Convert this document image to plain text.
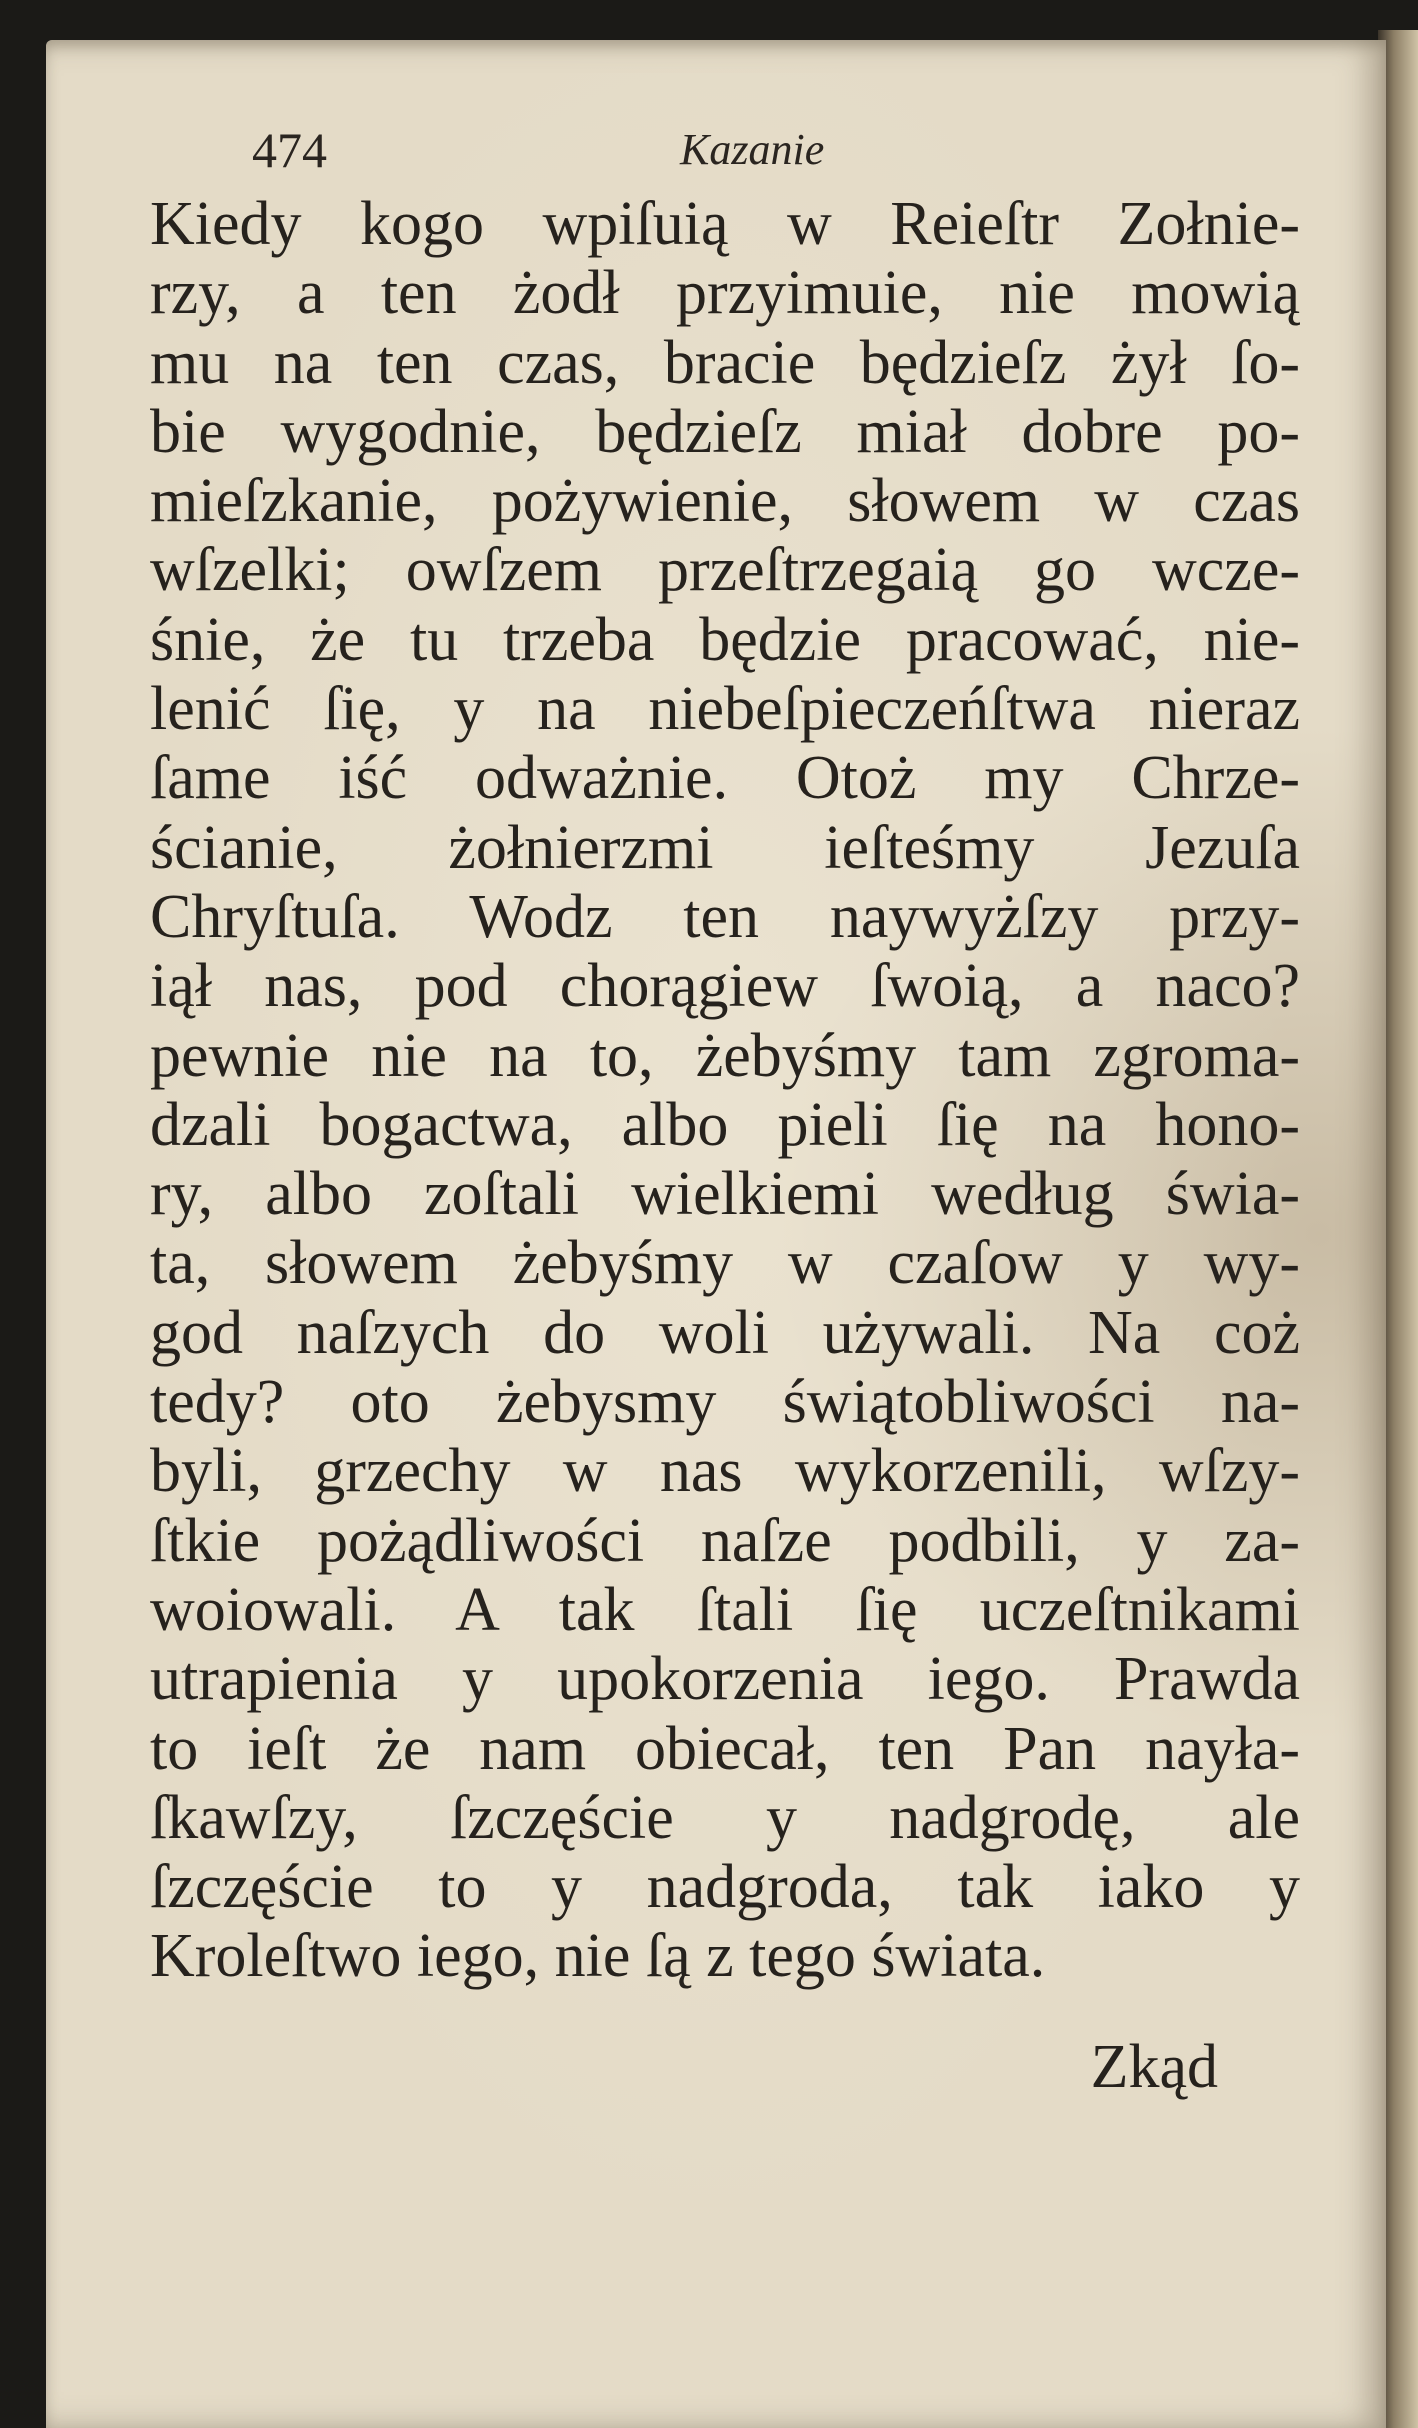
474	Kazanie
Kiedy kogo wpiſuią w Reieſtr Zołnie-
rzy, a ten żodł przyimuie, nie mowią
mu na ten czas, bracie będzieſz żył ſo-
bie wygodnie, będzieſz miał dobre po-
mieſzkanie, pożywienie, słowem w czas
wſzelki; owſzem przeſtrzegaią go wcze-
śnie, że tu trzeba będzie pracować, nie-
lenić ſię, y na niebeſpieczeńſtwa nieraz
ſame iść odważnie. Otoż my Chrze-
ścianie, żołnierzmi ieſteśmy Jezuſa
Chryſtuſa. Wodz ten naywyżſzy przy-
iął nas, pod chorągiew ſwoią, a naco?
pewnie nie na to, żebyśmy tam zgroma-
dzali bogactwa, albo pieli ſię na hono-
ry, albo zoſtali wielkiemi według świa-
ta, słowem żebyśmy w czaſow y wy-
god naſzych do woli używali. Na coż
tedy? oto żebysmy świątobliwości na-
byli, grzechy w nas wykorzenili, wſzy-
ſtkie pożądliwości naſze podbili, y za-
woiowali. A tak ſtali ſię uczeſtnikami
utrapienia y upokorzenia iego. Prawda
to ieſt że nam obiecał, ten Pan nayła-
ſkawſzy, ſzczęście y nadgrodę, ale
ſzczęście to y nadgroda, tak iako y
Kroleſtwo iego, nie ſą z tego świata.
Zkąd
